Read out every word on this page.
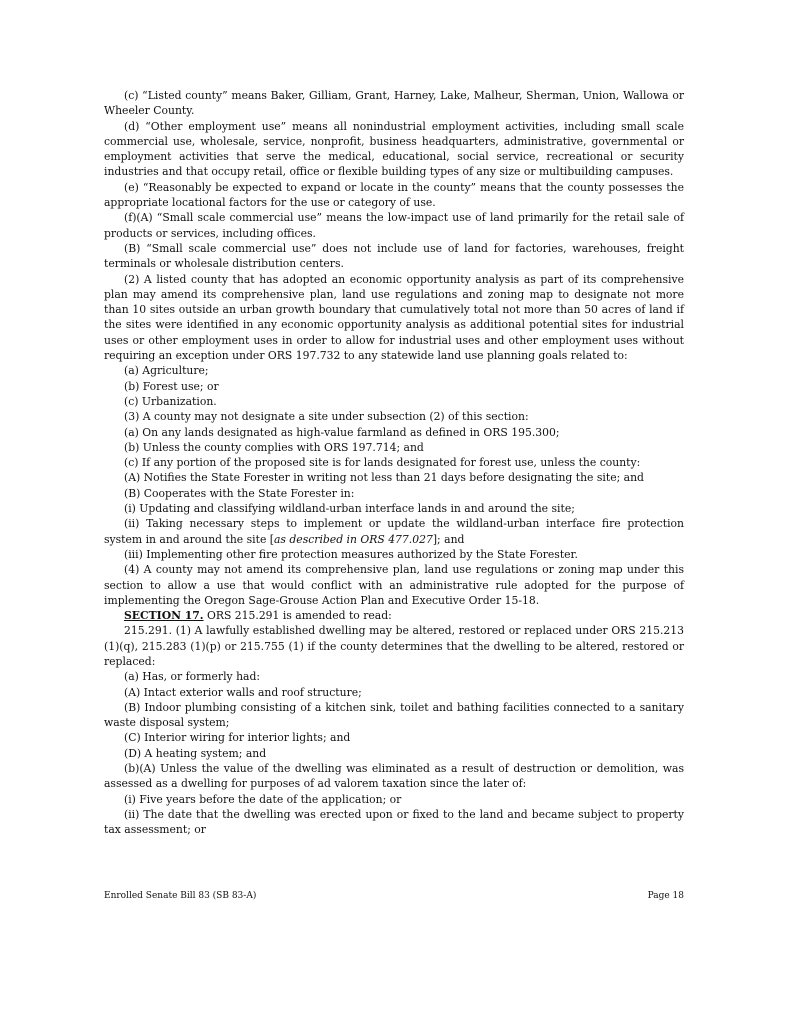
(c) “Listed county” means Baker, Gilliam, Grant, Harney, Lake, Malheur, Sherman, Union, Wallowa or Wheeler County.

(d) “Other employment use” means all nonindustrial employment activities, including small scale commercial use, wholesale, service, nonprofit, business headquarters, administrative, governmental or employment activities that serve the medical, educational, social service, recreational or security industries and that occupy retail, office or flexible building types of any size or multibuilding campuses.

(e) “Reasonably be expected to expand or locate in the county” means that the county possesses the appropriate locational factors for the use or category of use.

(f)(A) “Small scale commercial use” means the low-impact use of land primarily for the retail sale of products or services, including offices.

(B) “Small scale commercial use” does not include use of land for factories, warehouses, freight terminals or wholesale distribution centers.

(2) A listed county that has adopted an economic opportunity analysis as part of its comprehensive plan may amend its comprehensive plan, land use regulations and zoning map to designate not more than 10 sites outside an urban growth boundary that cumulatively total not more than 50 acres of land if the sites were identified in any economic opportunity analysis as additional potential sites for industrial uses or other employment uses in order to allow for industrial uses and other employment uses without requiring an exception under ORS 197.732 to any statewide land use planning goals related to:

(a) Agriculture;

(b) Forest use; or

(c) Urbanization.

(3) A county may not designate a site under subsection (2) of this section:

(a) On any lands designated as high-value farmland as defined in ORS 195.300;

(b) Unless the county complies with ORS 197.714; and

(c) If any portion of the proposed site is for lands designated for forest use, unless the county:

(A) Notifies the State Forester in writing not less than 21 days before designating the site; and

(B) Cooperates with the State Forester in:

(i) Updating and classifying wildland-urban interface lands in and around the site;

(ii) Taking necessary steps to implement or update the wildland-urban interface fire protection system in and around the site [as described in ORS 477.027]; and

(iii) Implementing other fire protection measures authorized by the State Forester.

(4) A county may not amend its comprehensive plan, land use regulations or zoning map under this section to allow a use that would conflict with an administrative rule adopted for the purpose of implementing the Oregon Sage-Grouse Action Plan and Executive Order 15-18.

SECTION 17. ORS 215.291 is amended to read:

215.291. (1) A lawfully established dwelling may be altered, restored or replaced under ORS 215.213 (1)(q), 215.283 (1)(p) or 215.755 (1) if the county determines that the dwelling to be altered, restored or replaced:

(a) Has, or formerly had:

(A) Intact exterior walls and roof structure;

(B) Indoor plumbing consisting of a kitchen sink, toilet and bathing facilities connected to a sanitary waste disposal system;

(C) Interior wiring for interior lights; and

(D) A heating system; and

(b)(A) Unless the value of the dwelling was eliminated as a result of destruction or demolition, was assessed as a dwelling for purposes of ad valorem taxation since the later of:

(i) Five years before the date of the application; or

(ii) The date that the dwelling was erected upon or fixed to the land and became subject to property tax assessment; or

Enrolled Senate Bill 83 (SB 83-A)	Page 18
